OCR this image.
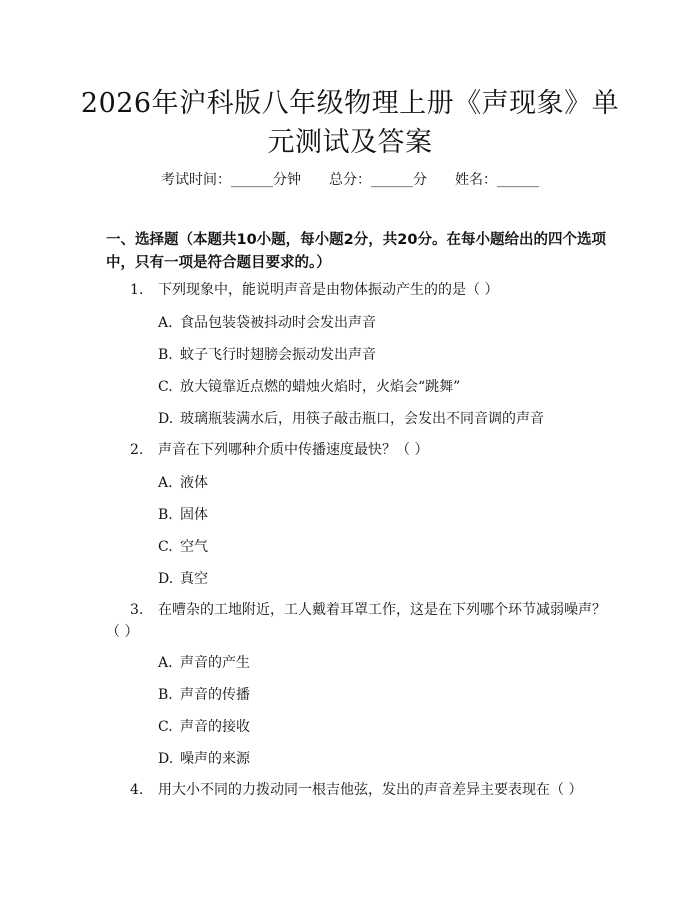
2026年沪科版八年级物理上册《声现象》单元测试及答案
考试时间：______分钟 总分：______分 姓名：______
一、选择题（本题共10小题，每小题2分，共20分。在每小题给出的四个选项中，只有一项是符合题目要求的。）
1. 下列现象中，能说明声音是由物体振动产生的的是（ ）
A. 食品包装袋被抖动时会发出声音
B. 蚊子飞行时翅膀会振动发出声音
C. 放大镜靠近点燃的蜡烛火焰时，火焰会“跳舞”
D. 玻璃瓶装满水后，用筷子敲击瓶口，会发出不同音调的声音
2. 声音在下列哪种介质中传播速度最快？（ ）
A. 液体
B. 固体
C. 空气
D. 真空
3. 在嘈杂的工地附近，工人戴着耳罩工作，这是在下列哪个环节减弱噪声？（ ）
A. 声音的产生
B. 声音的传播
C. 声音的接收
D. 噪声的来源
4. 用大小不同的力拨动同一根吉他弦，发出的声音差异主要表现在（ ）
